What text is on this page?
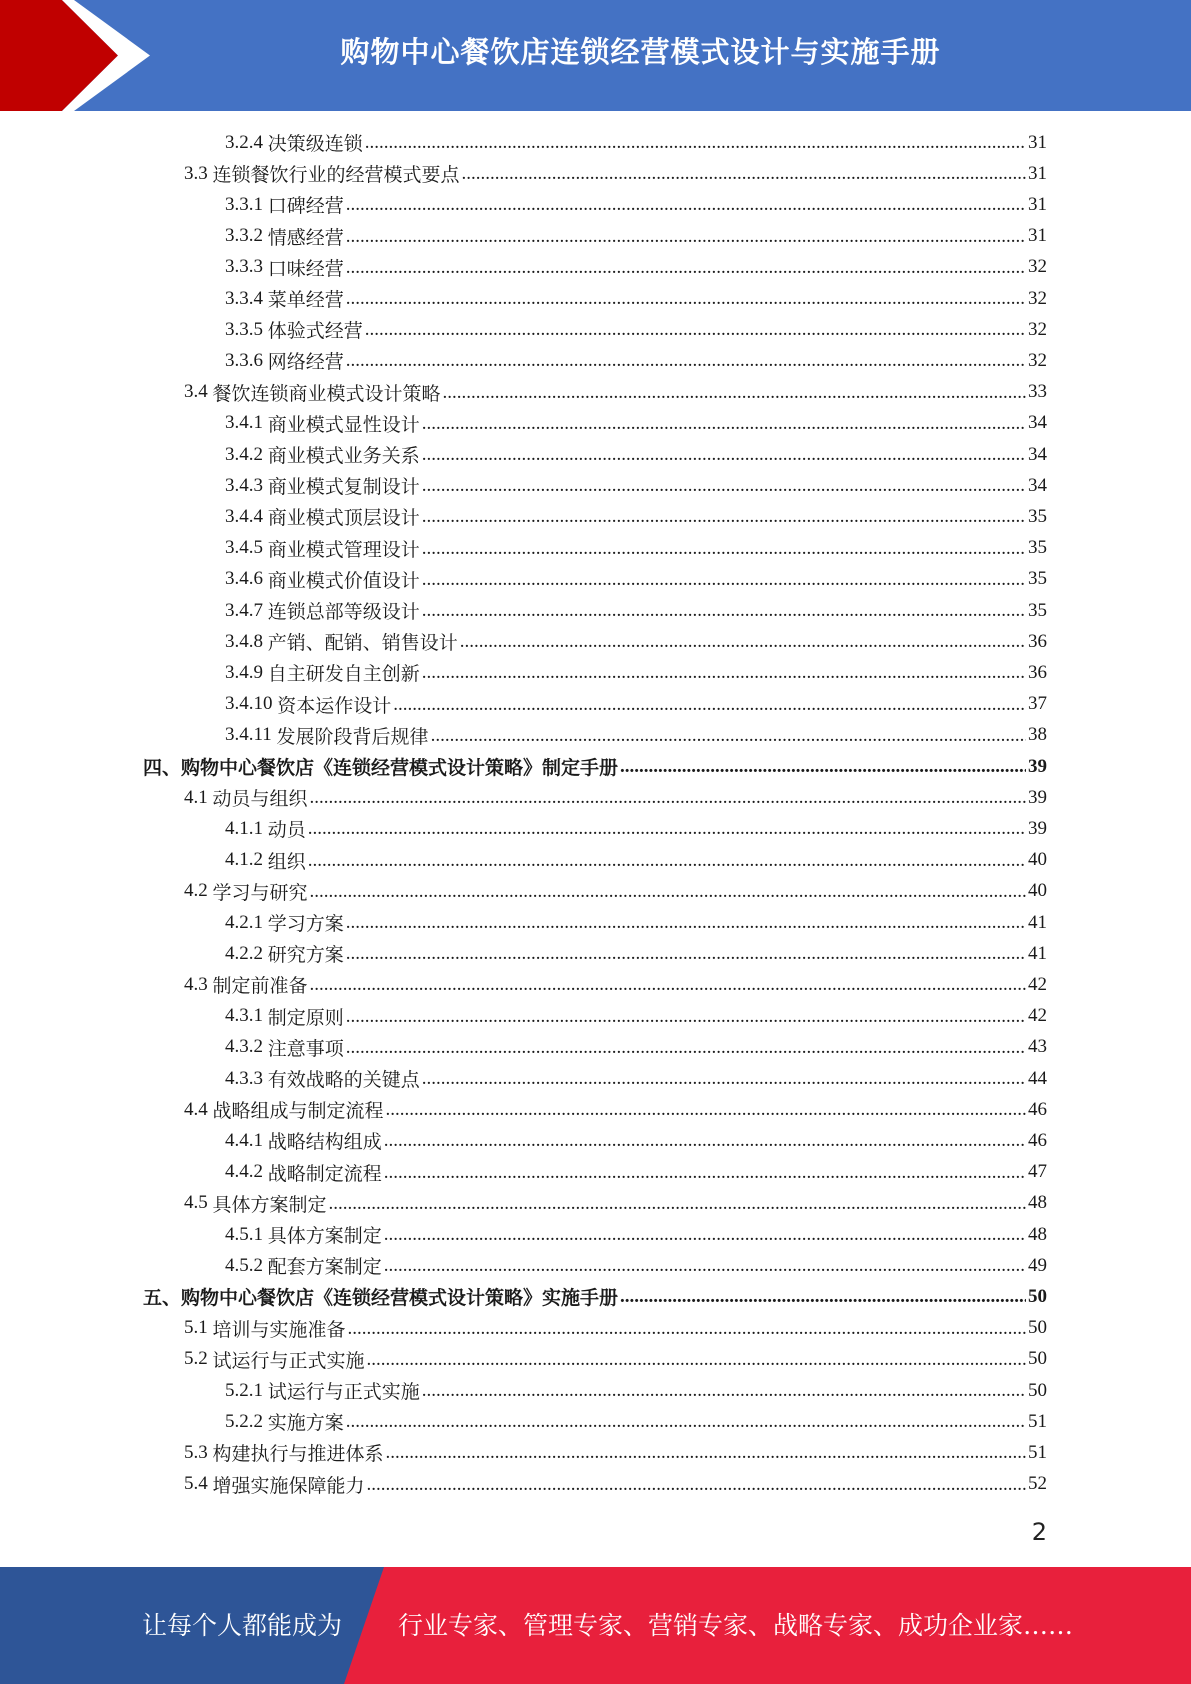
购物中心餐饮店连锁经营模式设计与实施手册
3.2.4 决策级连锁 .....	31
3.3 连锁餐饮行业的经营模式要点 .....	31
3.3.1 口碑经营 .....	31
3.3.2 情感经营 .....	31
3.3.3 口味经营 .....	32
3.3.4 菜单经营 .....	32
3.3.5 体验式经营 .....	32
3.3.6 网络经营 .....	32
3.4 餐饮连锁商业模式设计策略 .....	33
3.4.1 商业模式显性设计 .....	34
3.4.2 商业模式业务关系 .....	34
3.4.3 商业模式复制设计 .....	34
3.4.4 商业模式顶层设计 .....	35
3.4.5 商业模式管理设计 .....	35
3.4.6 商业模式价值设计 .....	35
3.4.7 连锁总部等级设计 .....	35
3.4.8 产销、配销、销售设计 .....	36
3.4.9 自主研发自主创新 .....	36
3.4.10 资本运作设计 .....	37
3.4.11 发展阶段背后规律 .....	38
四、 购物中心餐饮店《连锁经营模式设计策略》制定手册 .....	39
4.1 动员与组织 .....	39
4.1.1 动员 .....	39
4.1.2 组织 .....	40
4.2 学习与研究 .....	40
4.2.1 学习方案 .....	41
4.2.2 研究方案 .....	41
4.3 制定前准备 .....	42
4.3.1 制定原则 .....	42
4.3.2 注意事项 .....	43
4.3.3 有效战略的关键点 .....	44
4.4 战略组成与制定流程 .....	46
4.4.1 战略结构组成 .....	46
4.4.2 战略制定流程 .....	47
4.5 具体方案制定 .....	48
4.5.1 具体方案制定 .....	48
4.5.2 配套方案制定 .....	49
五、 购物中心餐饮店《连锁经营模式设计策略》实施手册 .....	50
5.1 培训与实施准备 .....	50
5.2 试运行与正式实施 .....	50
5.2.1 试运行与正式实施 .....	50
5.2.2 实施方案 .....	51
5.3 构建执行与推进体系 .....	51
5.4 增强实施保障能力 .....	52
2
让每个人都能成为 行业专家、管理专家、营销专家、战略专家、成功企业家……
